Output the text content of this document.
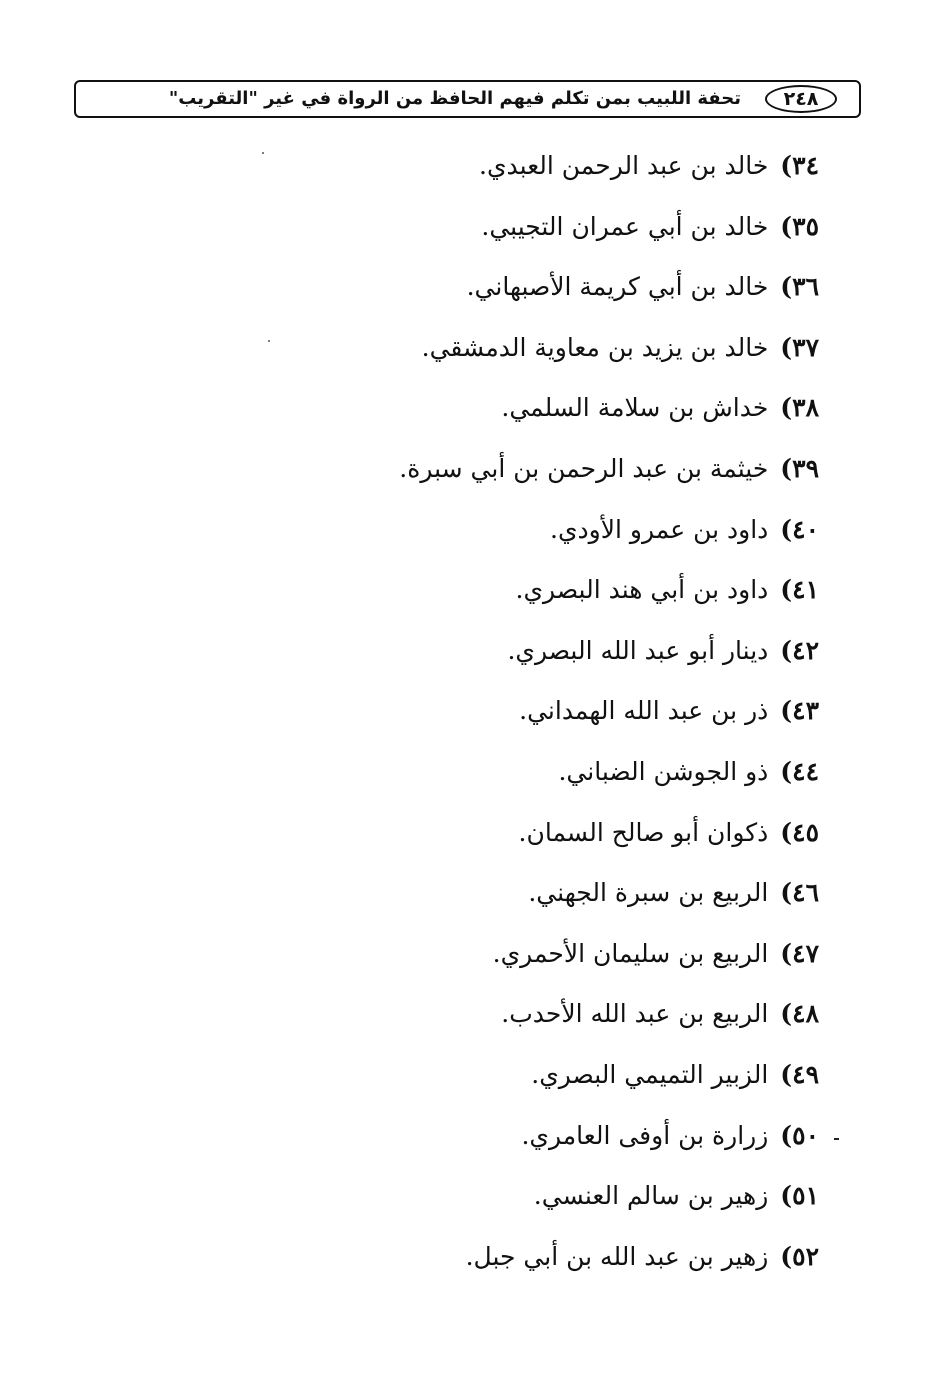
٢٤٨
تحفة اللبيب بمن تكلم فيهم الحافظ من الرواة في غير "التقريب"
٣٤)خالد بن عبد الرحمن العبدي.
٣٥)خالد بن أبي عمران التجيبي.
٣٦)خالد بن أبي كريمة الأصبهاني.
٣٧)خالد بن يزيد بن معاوية الدمشقي.
٣٨)خداش بن سلامة السلمي.
٣٩)خيثمة بن عبد الرحمن بن أبي سبرة.
٤٠)داود بن عمرو الأودي.
٤١)داود بن أبي هند البصري.
٤٢)دينار أبو عبد الله البصري.
٤٣)ذر بن عبد الله الهمداني.
٤٤)ذو الجوشن الضباني.
٤٥)ذكوان أبو صالح السمان.
٤٦)الربيع بن سبرة الجهني.
٤٧)الربيع بن سليمان الأحمري.
٤٨)الربيع بن عبد الله الأحدب.
٤٩)الزبير التميمي البصري.
٥٠)زرارة بن أوفى العامري.
٥١)زهير بن سالم العنسي.
٥٢)زهير بن عبد الله بن أبي جبل.
